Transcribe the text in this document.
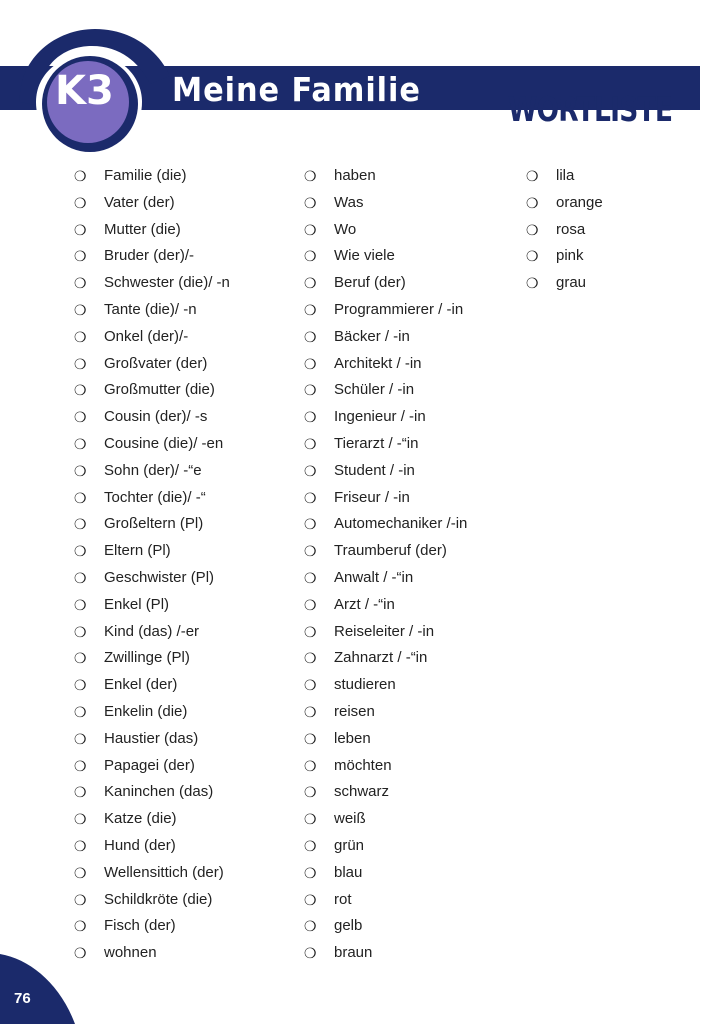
K3 Meine Familie
WORTLISTE
❍	Familie (die)
❍	Vater (der)
❍	Mutter (die)
❍	Bruder (der)/-
❍	Schwester (die)/ -n
❍	Tante (die)/ -n
❍	Onkel (der)/-
❍	Großvater (der)
❍	Großmutter (die)
❍	Cousin (der)/ -s
❍	Cousine (die)/ -en
❍	Sohn (der)/ -“e
❍	Tochter (die)/ -“
❍	Großeltern (Pl)
❍	Eltern (Pl)
❍	Geschwister (Pl)
❍	Enkel (Pl)
❍	Kind (das) /-er
❍	Zwillinge (Pl)
❍	Enkel (der)
❍	Enkelin (die)
❍	Haustier (das)
❍	Papagei (der)
❍	Kaninchen (das)
❍	Katze (die)
❍	Hund (der)
❍	Wellensittich (der)
❍	Schildkröte (die)
❍	Fisch (der)
❍	wohnen
❍	haben
❍	Was
❍	Wo
❍	Wie viele
❍	Beruf (der)
❍	Programmierer / -in
❍	Bäcker / -in
❍	Architekt / -in
❍	Schüler / -in
❍	Ingenieur / -in
❍	Tierarzt / -“in
❍	Student / -in
❍	Friseur / -in
❍	Automechaniker /-in
❍	Traumberuf (der)
❍	Anwalt / -“in
❍	Arzt / -“in
❍	Reiseleiter / -in
❍	Zahnarzt / -“in
❍	studieren
❍	reisen
❍	leben
❍	möchten
❍	schwarz
❍	weiß
❍	grün
❍	blau
❍	rot
❍	gelb
❍	braun
❍	lila
❍	orange
❍	rosa
❍	pink
❍	grau
76
